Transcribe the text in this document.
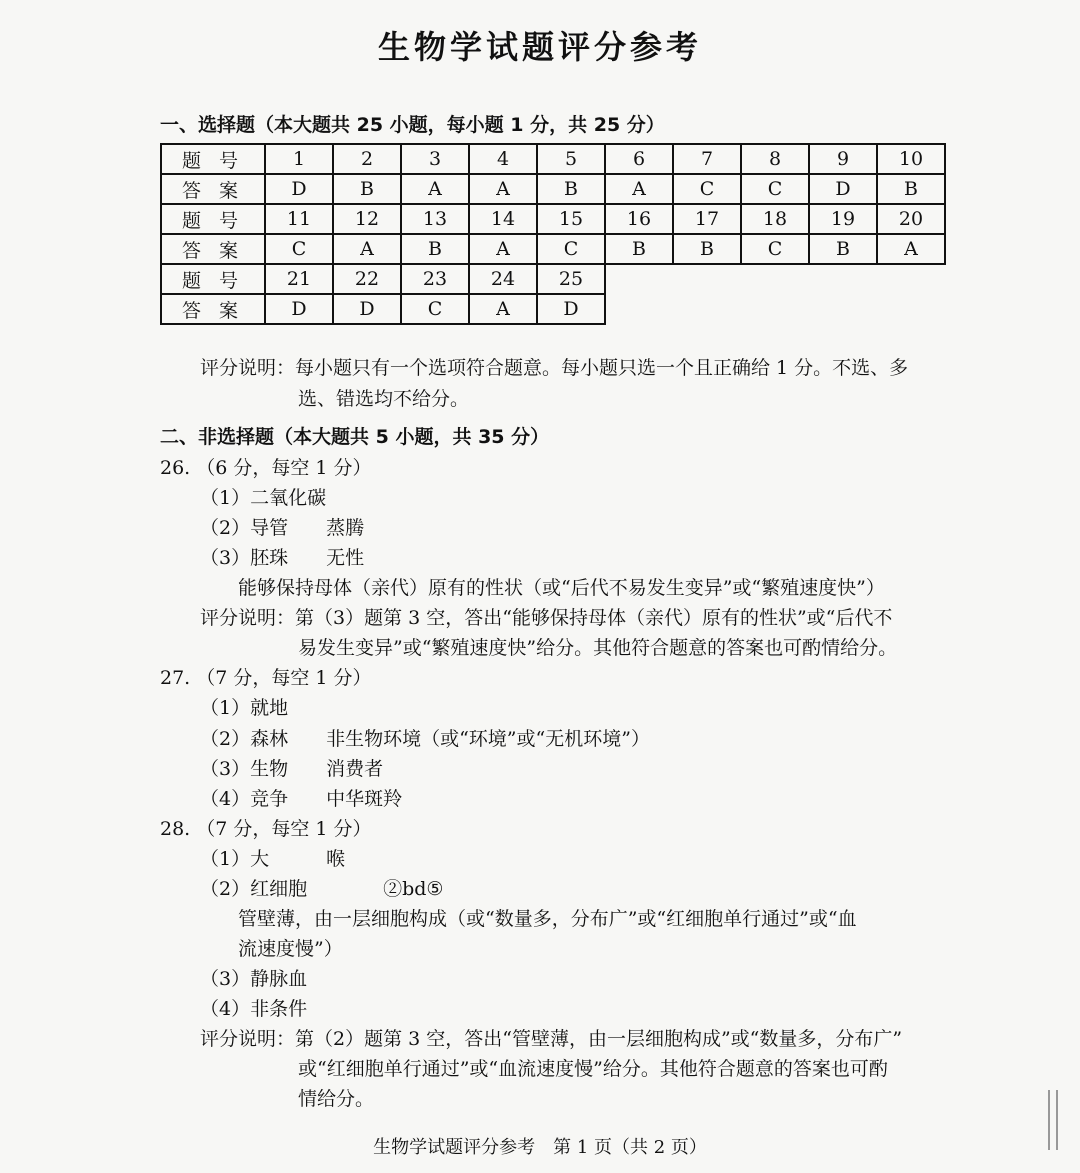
生物学试题评分参考
一、选择题（本大题共 25 小题，每小题 1 分，共 25 分）
题 号	1	2	3	4	5	6	7	8	9	10
答 案	D	B	A	A	B	A	C	C	D	B
题 号	11	12	13	14	15	16	17	18	19	20
答 案	C	A	B	A	C	B	B	C	B	A
题 号	21	22	23	24	25					
答 案	D	D	C	A	D					
评分说明：每小题只有一个选项符合题意。每小题只选一个且正确给 1 分。不选、多
选、错选均不给分。
二、非选择题（本大题共 5 小题，共 35 分）
26. （6 分，每空 1 分）
（1）二氧化碳
（2）导管　　蒸腾
（3）胚珠　　无性
能够保持母体（亲代）原有的性状（或“后代不易发生变异”或“繁殖速度快”）
评分说明：第（3）题第 3 空，答出“能够保持母体（亲代）原有的性状”或“后代不
易发生变异”或“繁殖速度快”给分。其他符合题意的答案也可酌情给分。
27. （7 分，每空 1 分）
（1）就地
（2）森林　　非生物环境（或“环境”或“无机环境”）
（3）生物　　消费者
（4）竞争　　中华斑羚
28. （7 分，每空 1 分）
（1）大　　　喉
（2）红细胞　　　　②bd⑤
管壁薄，由一层细胞构成（或“数量多，分布广”或“红细胞单行通过”或“血
流速度慢”）
（3）静脉血
（4）非条件
评分说明：第（2）题第 3 空，答出“管壁薄，由一层细胞构成”或“数量多，分布广”
或“红细胞单行通过”或“血流速度慢”给分。其他符合题意的答案也可酌
情给分。
生物学试题评分参考　第 1 页（共 2 页）
